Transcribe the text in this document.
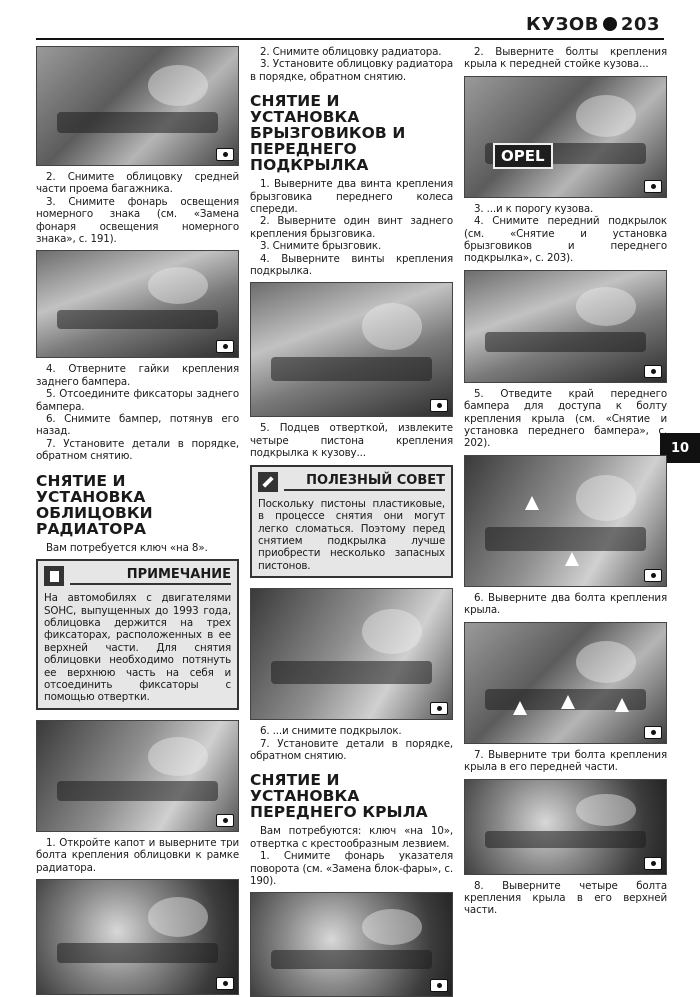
КУЗОВ 203
10

2. Снимите облицовку средней части проема багажника.

3. Снимите фонарь освещения номерного знака (см. «Замена фонаря освещения номерного знака», с. 191).

4. Отверните гайки крепления заднего бампера.

5. Отсоедините фиксаторы заднего бампера.

6. Снимите бампер, потянув его назад.

7. Установите детали в порядке, обратном снятию.

СНЯТИЕ И УСТАНОВКА ОБЛИЦОВКИ РАДИАТОРА

Вам потребуется ключ «на 8».

ПРИМЕЧАНИЕ

На автомобилях с двигателями SOHC, выпущенных до 1993 года, облицовка держится на трех фиксаторах, расположенных в ее верхней части. Для снятия облицовки необходимо потянуть ее верхнюю часть на себя и отсоединить фиксаторы с помощью отвертки.

1. Откройте капот и выверните три болта крепления облицовки к рамке радиатора.

2. Снимите облицовку радиатора.

3. Установите облицовку радиатора в порядке, обратном снятию.

СНЯТИЕ И УСТАНОВКА БРЫЗГОВИКОВ И ПЕРЕДНЕГО ПОДКРЫЛКА

1. Выверните два винта крепления брызговика переднего колеса спереди.

2. Выверните один винт заднего крепления брызговика.

3. Снимите брызговик.

4. Выверните винты крепления подкрылка.

5. Подцев отверткой, извлеките четыре пистона крепления подкрылка к кузову...

ПОЛЕЗНЫЙ СОВЕТ

Поскольку пистоны пластиковые, в процессе снятия они могут легко сломаться. Поэтому перед снятием подкрылка лучше приобрести несколько запасных пистонов.

6. ...и снимите подкрылок.

7. Установите детали в порядке, обратном снятию.

СНЯТИЕ И УСТАНОВКА ПЕРЕДНЕГО КРЫЛА

Вам потребуются: ключ «на 10», отвертка с крестообразным лезвием.

1. Снимите фонарь указателя поворота (см. «Замена блок-фары», с. 190).

2. Выверните болты крепления крыла к передней стойке кузова...

OPEL

3. ...и к порогу кузова.

4. Снимите передний подкрылок (см. «Снятие и установка брызговиков и переднего подкрылка», с. 203).

5. Отведите край переднего бампера для доступа к болту крепления крыла (см. «Снятие и установка переднего бампера», с. 202).

6. Выверните два болта крепления крыла.

7. Выверните три болта крепления крыла в его передней части.

8. Выверните четыре болта крепления крыла в его верхней части.
